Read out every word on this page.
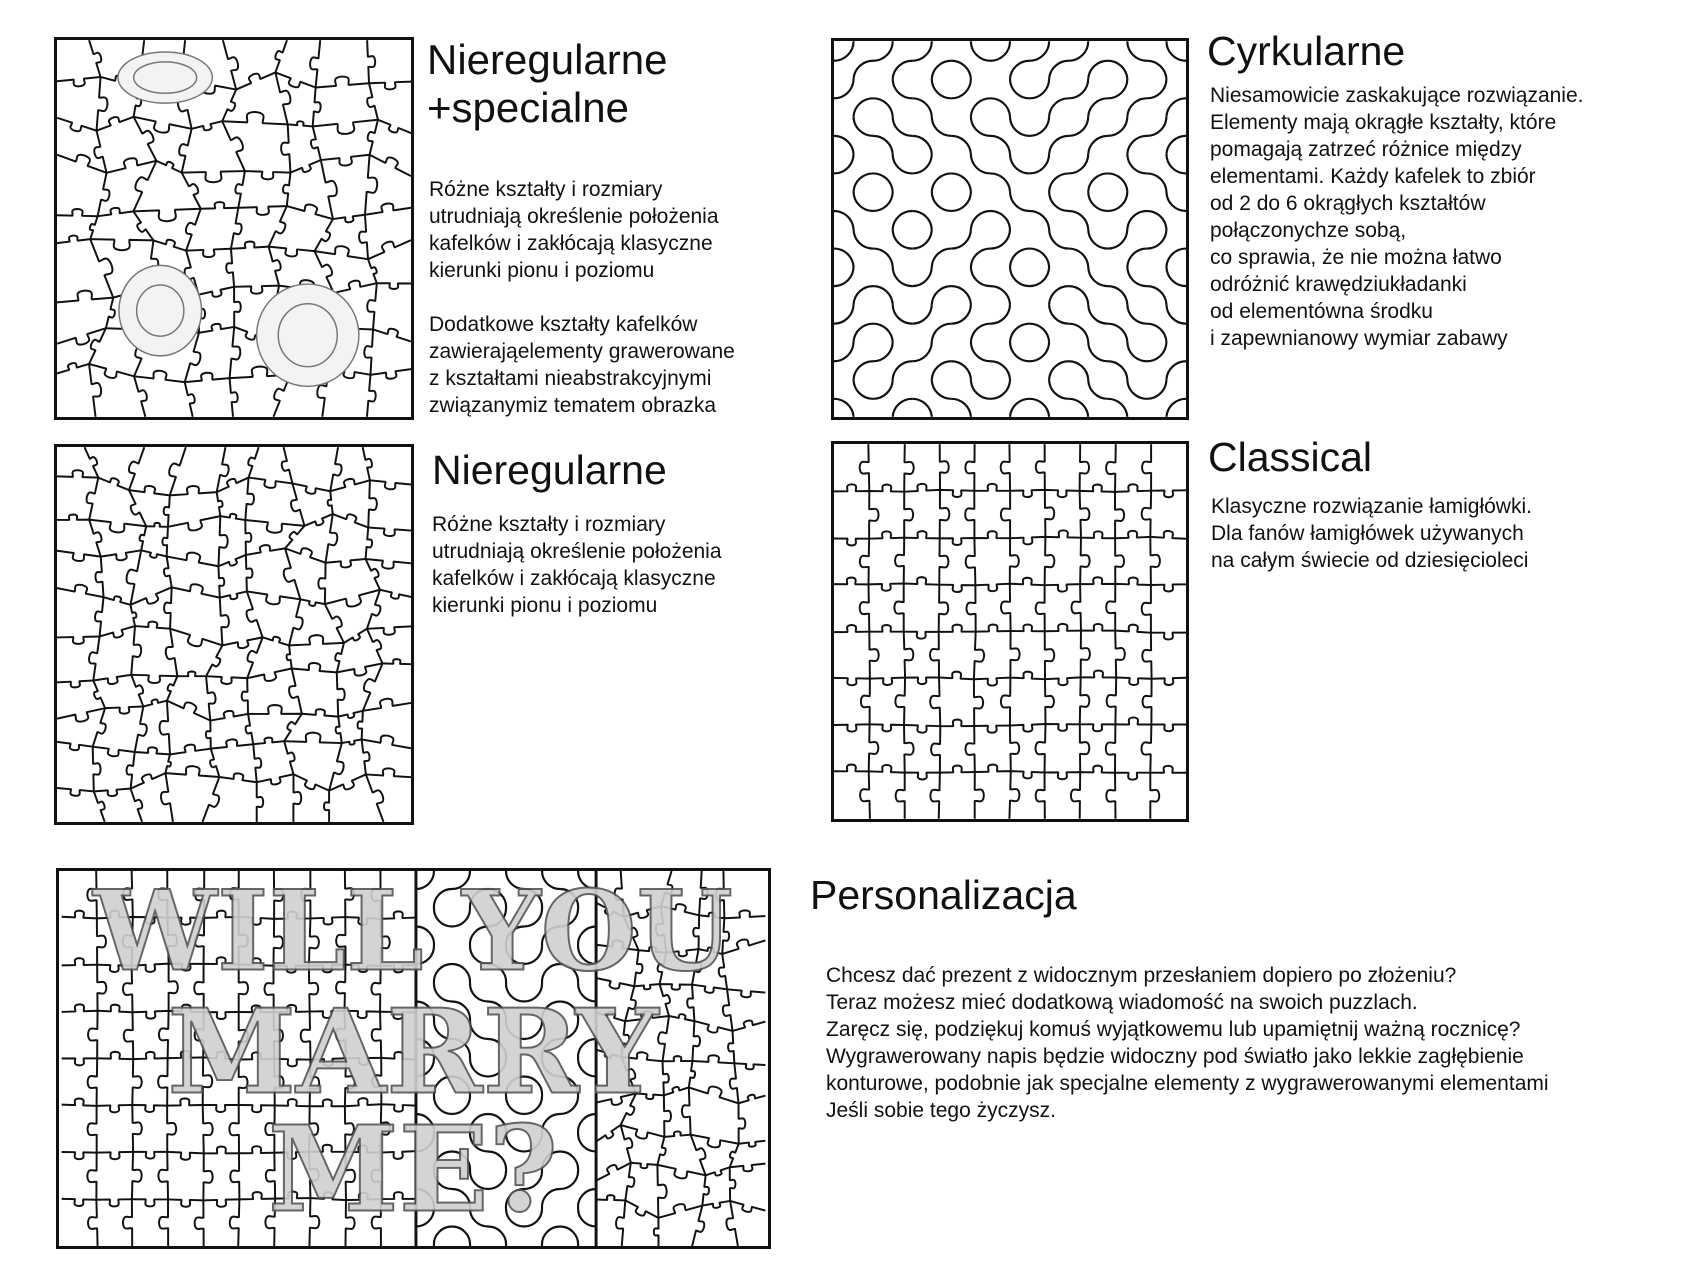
Nieregularne
+specialne
Różne kształty i rozmiary
utrudniają określenie położenia
kafelków i zakłócają klasyczne
kierunki pionu i poziomu
Dodatkowe kształty kafelków
zawierająelementy grawerowane
z kształtami nieabstrakcyjnymi
związanymiz tematem obrazka
Cyrkularne
Niesamowicie zaskakujące rozwiązanie.
Elementy mają okrągłe kształty, które
pomagają zatrzeć różnice między
elementami. Każdy kafelek to zbiór
od 2 do 6 okrągłych kształtów
połączonychze sobą,
co sprawia, że nie można łatwo
odróżnić krawędziukładanki
od elementówna środku
i zapewnianowy wymiar zabawy
Nieregularne
Różne kształty i rozmiary
utrudniają określenie położenia
kafelków i zakłócają klasyczne
kierunki pionu i poziomu
Classical
Klasyczne rozwiązanie łamigłówki.
Dla fanów łamigłówek używanych
na całym świecie od dziesięcioleci
WILL YOU
MARRY
ME?
Personalizacja
Chcesz dać prezent z widocznym przesłaniem dopiero po złożeniu?
Teraz możesz mieć dodatkową wiadomość na swoich puzzlach.
Zaręcz się, podziękuj komuś wyjątkowemu lub upamiętnij ważną rocznicę?
Wygrawerowany napis będzie widoczny pod światło jako lekkie zagłębienie
konturowe, podobnie jak specjalne elementy z wygrawerowanymi elementami
Jeśli sobie tego życzysz.
